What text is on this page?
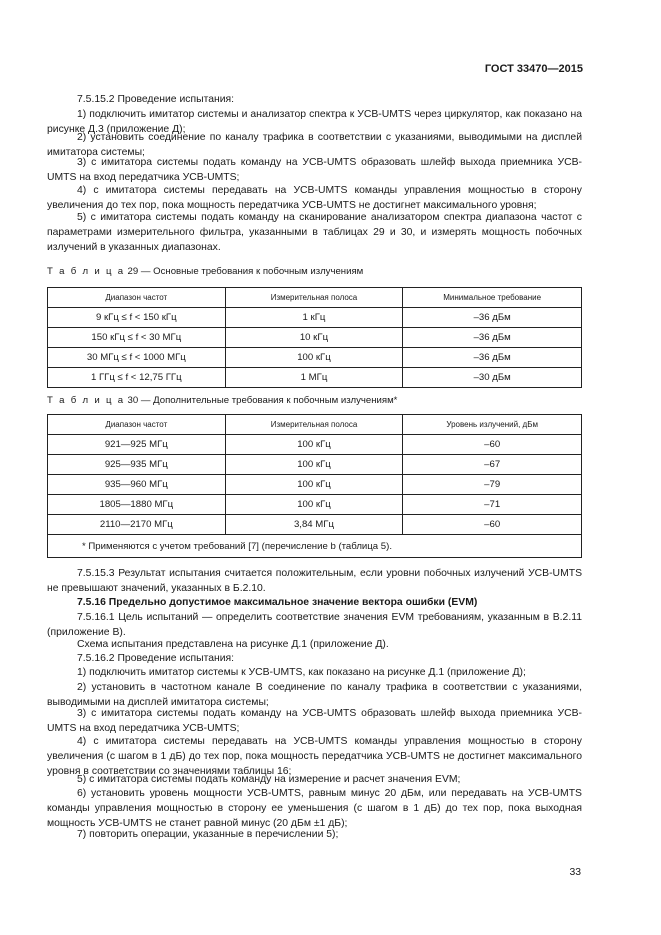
ГОСТ 33470—2015
7.5.15.2 Проведение испытания:
1) подключить имитатор системы и анализатор спектра к УСВ-UMTS через циркулятор, как показано на рисунке Д.3 (приложение Д);
2) установить соединение по каналу трафика в соответствии с указаниями, выводимыми на дисплей имитатора системы;
3) с имитатора системы подать команду на УСВ-UMTS образовать шлейф выхода приемника УСВ-UMTS на вход передатчика УСВ-UMTS;
4) с имитатора системы передавать на УСВ-UMTS команды управления мощностью в сторону увеличения до тех пор, пока мощность передатчика УСВ-UMTS не достигнет максимального уровня;
5) с имитатора системы подать команду на сканирование анализатором спектра диапазона частот с параметрами измерительного фильтра, указанными в таблицах 29 и 30, и измерять мощность побочных излучений в указанных диапазонах.
Т а б л и ц а 29 — Основные требования к побочным излучениям
Диапазон частот	Измерительная полоса	Минимальное требование
9 кГц ≤ f < 150 кГц	1 кГц	–36 дБм
150 кГц ≤ f < 30 МГц	10 кГц	–36 дБм
30 МГц ≤ f < 1000 МГц	100 кГц	–36 дБм
1 ГГц ≤ f < 12,75 ГГц	1 МГц	–30 дБм
Т а б л и ц а 30 — Дополнительные требования к побочным излучениям*
Диапазон частот	Измерительная полоса	Уровень излучений, дБм
921—925 МГц	100 кГц	–60
925—935 МГц	100 кГц	–67
935—960 МГц	100 кГц	–79
1805—1880 МГц	100 кГц	–71
2110—2170 МГц	3,84 МГц	–60
* Применяются с учетом требований [7] (перечисление b (таблица 5).		
7.5.15.3 Результат испытания считается положительным, если уровни побочных излучений УСВ-UMTS не превышают значений, указанных в Б.2.10.
7.5.16 Предельно допустимое максимальное значение вектора ошибки (EVM)
7.5.16.1 Цель испытаний — определить соответствие значения EVM требованиям, указанным в В.2.11 (приложение В).
Схема испытания представлена на рисунке Д.1 (приложение Д).
7.5.16.2 Проведение испытания:
1) подключить имитатор системы к УСВ-UMTS, как показано на рисунке Д.1 (приложение Д);
2) установить в частотном канале В соединение по каналу трафика в соответствии с указаниями, выводимыми на дисплей имитатора системы;
3) с имитатора системы подать команду на УСВ-UMTS образовать шлейф выхода приемника УСВ-UMTS на вход передатчика УСВ-UMTS;
4) с имитатора системы передавать на УСВ-UMTS команды управления мощностью в сторону увеличения (с шагом в 1 дБ) до тех пор, пока мощность передатчика УСВ-UMTS не достигнет максимального уровня в соответствии со значениями таблицы 16;
5) с имитатора системы подать команду на измерение и расчет значения EVM;
6) установить уровень мощности УСВ-UMTS, равным минус 20 дБм, или передавать на УСВ-UMTS команды управления мощностью в сторону ее уменьшения (с шагом в 1 дБ) до тех пор, пока выходная мощность УСВ-UMTS не станет равной минус (20 дБм ±1 дБ);
7) повторить операции, указанные в перечислении 5);
33
